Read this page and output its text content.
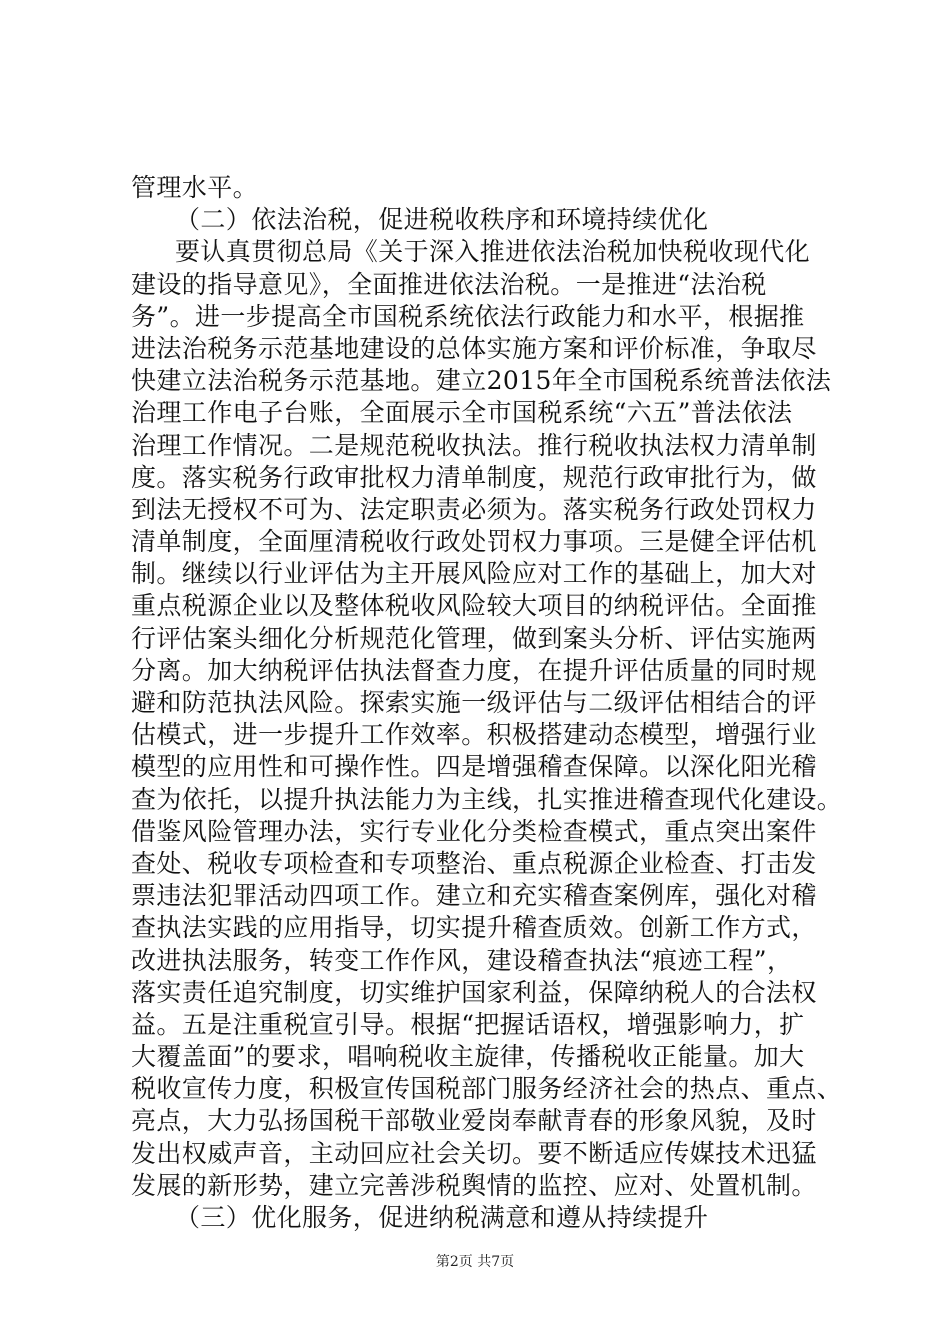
管理水平。
（二）依法治税，促进税收秩序和环境持续优化
要认真贯彻总局《关于深入推进依法治税加快税收现代化
建设的指导意见》，全面推进依法治税。一是推进“法治税
务”。进一步提高全市国税系统依法行政能力和水平，根据推
进法治税务示范基地建设的总体实施方案和评价标准，争取尽
快建立法治税务示范基地。建立2015年全市国税系统普法依法
治理工作电子台账，全面展示全市国税系统“六五”普法依法
治理工作情况。二是规范税收执法。推行税收执法权力清单制
度。落实税务行政审批权力清单制度，规范行政审批行为，做
到法无授权不可为、法定职责必须为。落实税务行政处罚权力
清单制度，全面厘清税收行政处罚权力事项。三是健全评估机
制。继续以行业评估为主开展风险应对工作的基础上，加大对
重点税源企业以及整体税收风险较大项目的纳税评估。全面推
行评估案头细化分析规范化管理，做到案头分析、评估实施两
分离。加大纳税评估执法督查力度，在提升评估质量的同时规
避和防范执法风险。探索实施一级评估与二级评估相结合的评
估模式，进一步提升工作效率。积极搭建动态模型，增强行业
模型的应用性和可操作性。四是增强稽查保障。以深化阳光稽
查为依托，以提升执法能力为主线，扎实推进稽查现代化建设。
借鉴风险管理办法，实行专业化分类检查模式，重点突出案件
查处、税收专项检查和专项整治、重点税源企业检查、打击发
票违法犯罪活动四项工作。建立和充实稽查案例库，强化对稽
查执法实践的应用指导，切实提升稽查质效。创新工作方式，
改进执法服务，转变工作作风，建设稽查执法“痕迹工程”，
落实责任追究制度，切实维护国家利益，保障纳税人的合法权
益。五是注重税宣引导。根据“把握话语权，增强影响力，扩
大覆盖面”的要求，唱响税收主旋律，传播税收正能量。加大
税收宣传力度，积极宣传国税部门服务经济社会的热点、重点、
亮点，大力弘扬国税干部敬业爱岗奉献青春的形象风貌，及时
发出权威声音，主动回应社会关切。要不断适应传媒技术迅猛
发展的新形势，建立完善涉税舆情的监控、应对、处置机制。
（三）优化服务，促进纳税满意和遵从持续提升
第2页 共7页
